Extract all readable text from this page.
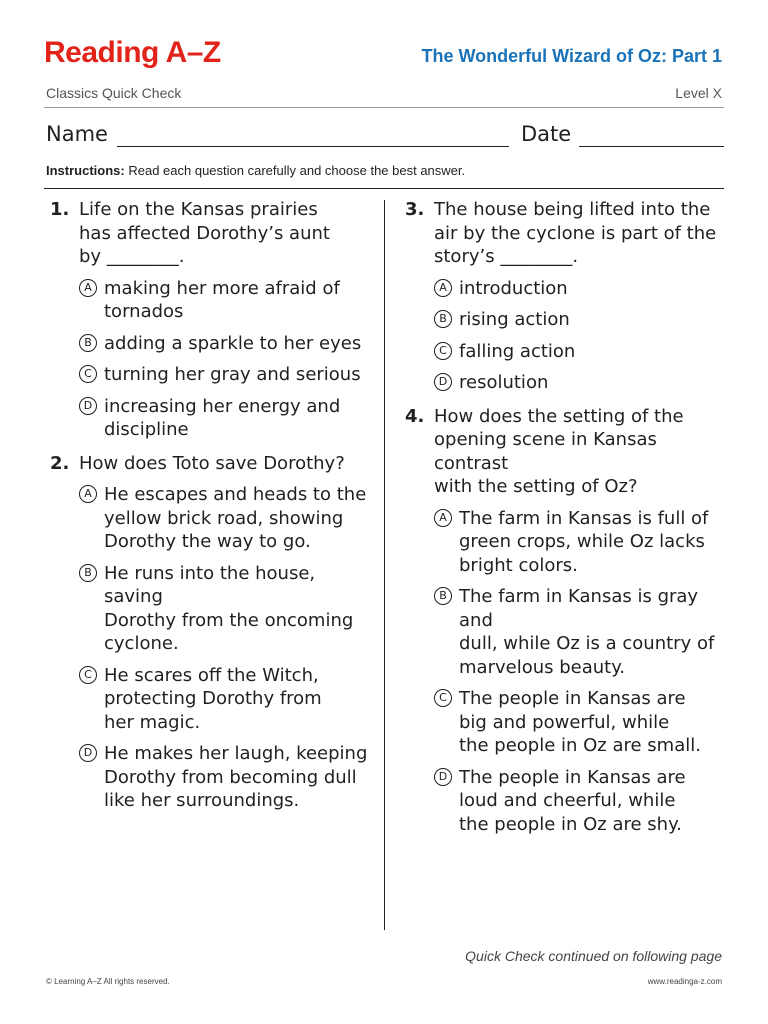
Reading A–Z	The Wonderful Wizard of Oz: Part 1
Classics Quick Check	Level X
Name	Date
Instructions: Read each question carefully and choose the best answer.
1. Life on the Kansas prairies
has affected Dorothy’s aunt
by ________.
A making her more afraid of
tornados
B adding a sparkle to her eyes
C turning her gray and serious
D increasing her energy and
discipline
2. How does Toto save Dorothy?
A He escapes and heads to the
yellow brick road, showing
Dorothy the way to go.
B He runs into the house, saving
Dorothy from the oncoming
cyclone.
C He scares off the Witch,
protecting Dorothy from
her magic.
D He makes her laugh, keeping
Dorothy from becoming dull
like her surroundings.
3. The house being lifted into the
air by the cyclone is part of the
story’s ________.
A introduction
B rising action
C falling action
D resolution
4. How does the setting of the
opening scene in Kansas contrast
with the setting of Oz?
A The farm in Kansas is full of
green crops, while Oz lacks
bright colors.
B The farm in Kansas is gray and
dull, while Oz is a country of
marvelous beauty.
C The people in Kansas are
big and powerful, while
the people in Oz are small.
D The people in Kansas are
loud and cheerful, while
the people in Oz are shy.
Quick Check continued on following page
© Learning A–Z All rights reserved.	www.readinga-z.com
